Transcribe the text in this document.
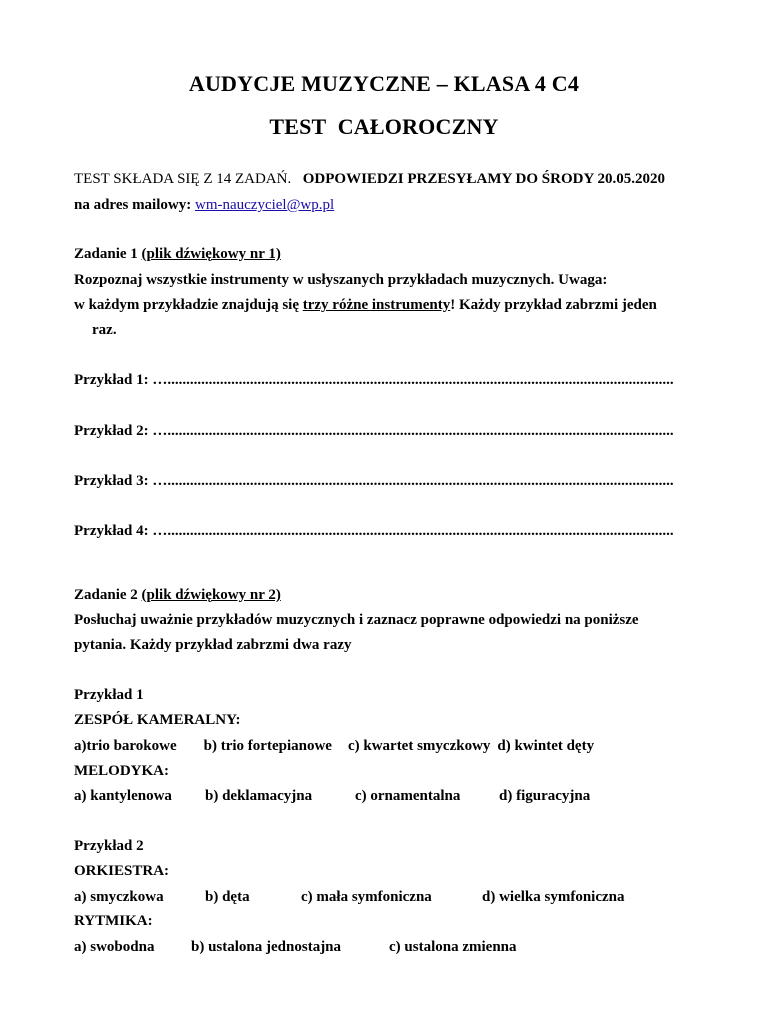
AUDYCJE MUZYCZNE – KLASA 4 C4
TEST CAŁOROCZNY
TEST SKŁADA SIĘ Z 14 ZADAŃ. ODPOWIEDZI PRZESYŁAMY DO ŚRODY 20.05.2020
na adres mailowy: wm-nauczyciel@wp.pl
Zadanie 1 (plik dźwiękowy nr 1)
Rozpoznaj wszystkie instrumenty w usłyszanych przykładach muzycznych. Uwaga:
w każdym przykładzie znajdują się trzy różne instrumenty! Każdy przykład zabrzmi jeden
raz.
Przykład 1: ….......................................................................................................................................
Przykład 2: ….......................................................................................................................................
Przykład 3: ….......................................................................................................................................
Przykład 4: ….......................................................................................................................................
Zadanie 2 (plik dźwiękowy nr 2)
Posłuchaj uważnie przykładów muzycznych i zaznacz poprawne odpowiedzi na poniższe
pytania. Każdy przykład zabrzmi dwa razy
Przykład 1
ZESPÓŁ KAMERALNY:
a)trio barokowe b) trio fortepianowe c) kwartet smyczkowy d) kwintet dęty
MELODYKA:
a) kantylenowa b) deklamacyjna	c) ornamentalna	d) figuracyjna
Przykład 2
ORKIESTRA:
a) smyczkowa	b) dęta	c) mała symfoniczna	d) wielka symfoniczna
RYTMIKA:
a) swobodna b) ustalona jednostajna	c) ustalona zmienna
